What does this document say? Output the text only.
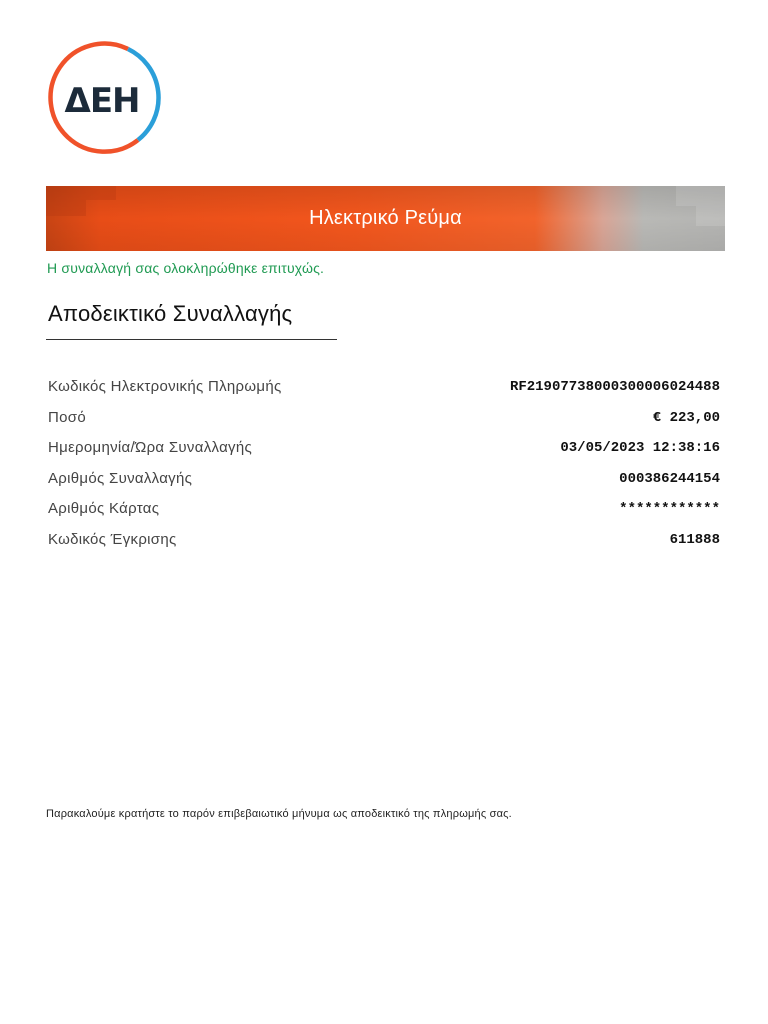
ΔΕΗ
Ηλεκτρικό Ρεύμα
Η συναλλαγή σας ολοκληρώθηκε επιτυχώς.
Αποδεικτικό Συναλλαγής
Κωδικός Ηλεκτρονικής Πληρωμής	RF21907738000300006024488
Ποσό	€ 223,00
Ημερομηνία/Ώρα Συναλλαγής	03/05/2023 12:38:16
Αριθμός Συναλλαγής	000386244154
Αριθμός Κάρτας	************
Κωδικός Έγκρισης	611888
Παρακαλούμε κρατήστε το παρόν επιβεβαιωτικό μήνυμα ως αποδεικτικό της πληρωμής σας.
